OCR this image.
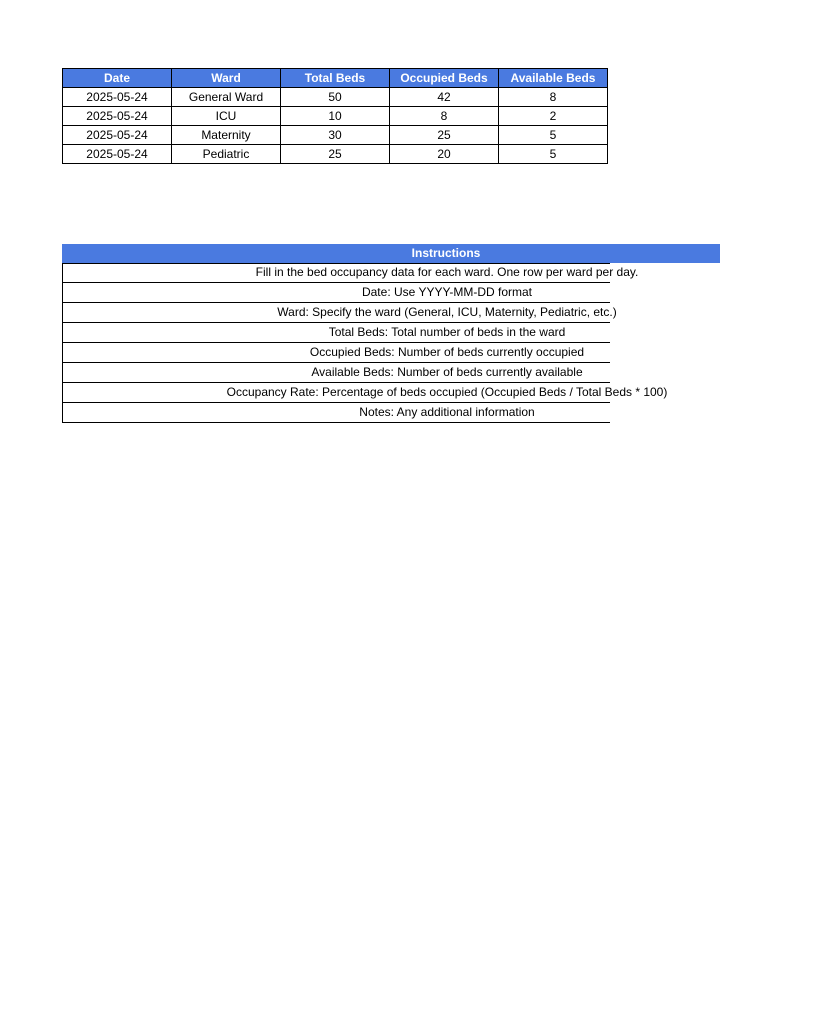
Date	Ward	Total Beds	Occupied Beds	Available Beds
2025-05-24	General Ward	50	42	8
2025-05-24	ICU	10	8	2
2025-05-24	Maternity	30	25	5
2025-05-24	Pediatric	25	20	5
Instructions
Fill in the bed occupancy data for each ward. One row per ward per day.
Date: Use YYYY-MM-DD format
Ward: Specify the ward (General, ICU, Maternity, Pediatric, etc.)
Total Beds: Total number of beds in the ward
Occupied Beds: Number of beds currently occupied
Available Beds: Number of beds currently available
Occupancy Rate: Percentage of beds occupied (Occupied Beds / Total Beds * 100)
Notes: Any additional information
